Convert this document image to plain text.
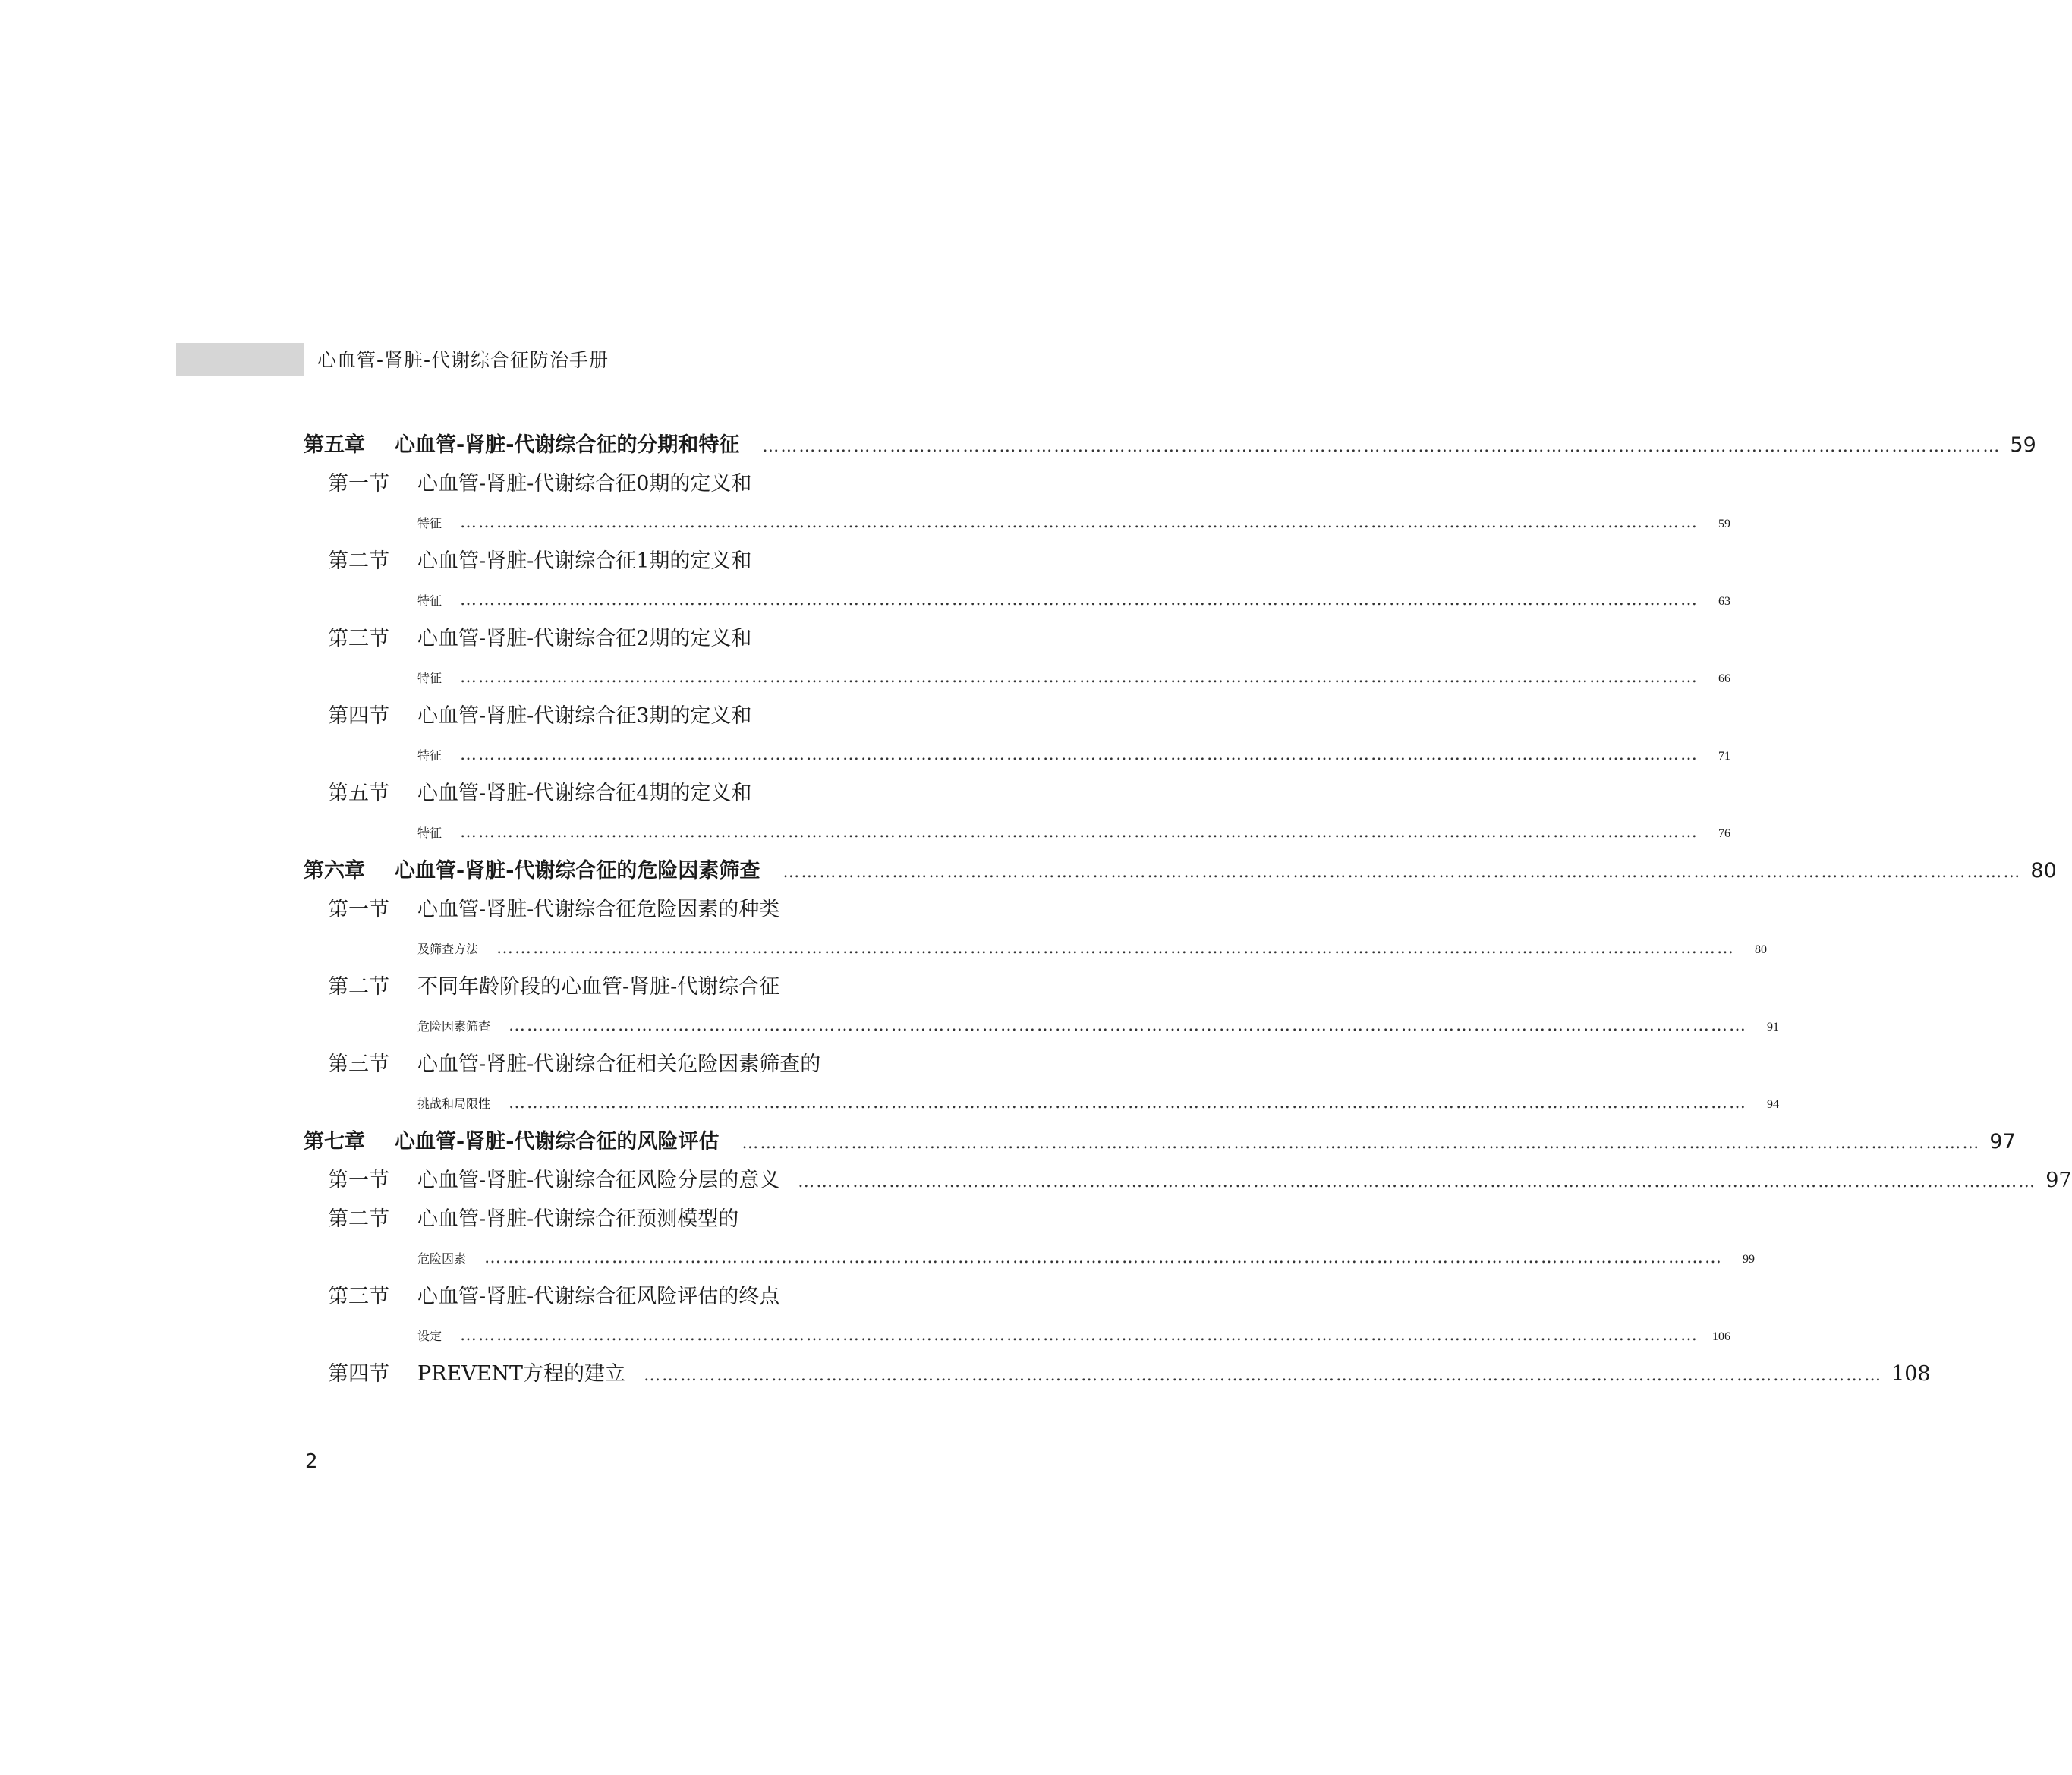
心血管-肾脏-代谢综合征防治手册
第五章	心血管-肾脏-代谢综合征的分期和特征 …………………………………………………………………………………………………………………………………………………………………………………… 59
第一节	心血管-肾脏-代谢综合征0期的定义和
特征 ……………………………………………………………………………………………………………………………………………………………………………………	59
第二节	心血管-肾脏-代谢综合征1期的定义和
特征 ……………………………………………………………………………………………………………………………………………………………………………………	63
第三节	心血管-肾脏-代谢综合征2期的定义和
特征 ……………………………………………………………………………………………………………………………………………………………………………………	66
第四节	心血管-肾脏-代谢综合征3期的定义和
特征 ……………………………………………………………………………………………………………………………………………………………………………………	71
第五节	心血管-肾脏-代谢综合征4期的定义和
特征 ……………………………………………………………………………………………………………………………………………………………………………………	76
第六章	心血管-肾脏-代谢综合征的危险因素筛查 …………………………………………………………………………………………………………………………………………………………………………………… 80
第一节	心血管-肾脏-代谢综合征危险因素的种类
及筛查方法 ……………………………………………………………………………………………………………………………………………………………………………………	80
第二节	不同年龄阶段的心血管-肾脏-代谢综合征
危险因素筛查 ……………………………………………………………………………………………………………………………………………………………………………………	91
第三节	心血管-肾脏-代谢综合征相关危险因素筛查的
挑战和局限性 ……………………………………………………………………………………………………………………………………………………………………………………	94
第七章	心血管-肾脏-代谢综合征的风险评估 …………………………………………………………………………………………………………………………………………………………………………………… 97
第一节	心血管-肾脏-代谢综合征风险分层的意义 …………………………………………………………………………………………………………………………………………………………………………………… 97
第二节	心血管-肾脏-代谢综合征预测模型的
危险因素 ……………………………………………………………………………………………………………………………………………………………………………………	99
第三节	心血管-肾脏-代谢综合征风险评估的终点
设定 ……………………………………………………………………………………………………………………………………………………………………………………	106
第四节	PREVENT方程的建立 …………………………………………………………………………………………………………………………………………………………………………………… 108
2
